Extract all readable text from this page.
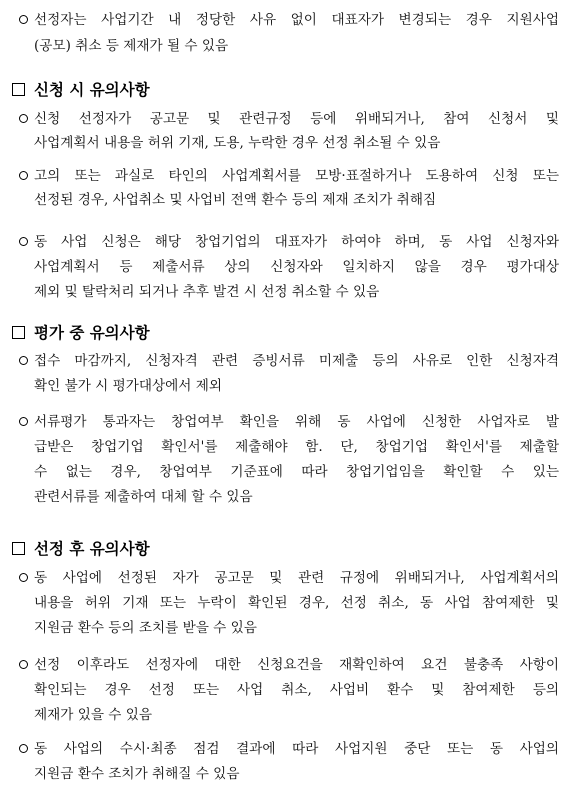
선정자는 사업기간 내 정당한 사유 없이 대표자가 변경되는 경우 지원사업
(공모) 취소 등 제재가 될 수 있음
신청 시 유의사항
신청 선정자가 공고문 및 관련규정 등에 위배되거나, 참여 신청서 및
사업계획서 내용을 허위 기재, 도용, 누락한 경우 선정 취소될 수 있음
고의 또는 과실로 타인의 사업계획서를 모방·표절하거나 도용하여 신청 또는
선정된 경우, 사업취소 및 사업비 전액 환수 등의 제재 조치가 취해짐
동 사업 신청은 해당 창업기업의 대표자가 하여야 하며, 동 사업 신청자와
사업계획서 등 제출서류 상의 신청자와 일치하지 않을 경우 평가대상
제외 및 탈락처리 되거나 추후 발견 시 선정 취소할 수 있음
평가 중 유의사항
접수 마감까지, 신청자격 관련 증빙서류 미제출 등의 사유로 인한 신청자격
확인 불가 시 평가대상에서 제외
서류평가 통과자는 창업여부 확인을 위해 동 사업에 신청한 사업자로 발
급받은 창업기업 확인서'를 제출해야 함. 단, 창업기업 확인서'를 제출할
수 없는 경우, 창업여부 기준표에 따라 창업기업임을 확인할 수 있는
관련서류를 제출하여 대체 할 수 있음
선정 후 유의사항
동 사업에 선정된 자가 공고문 및 관련 규정에 위배되거나, 사업계획서의
내용을 허위 기재 또는 누락이 확인된 경우, 선정 취소, 동 사업 참여제한 및
지원금 환수 등의 조치를 받을 수 있음
선정 이후라도 선정자에 대한 신청요건을 재확인하여 요건 불충족 사항이
확인되는 경우 선정 또는 사업 취소, 사업비 환수 및 참여제한 등의
제재가 있을 수 있음
동 사업의 수시·최종 점검 결과에 따라 사업지원 중단 또는 동 사업의
지원금 환수 조치가 취해질 수 있음
